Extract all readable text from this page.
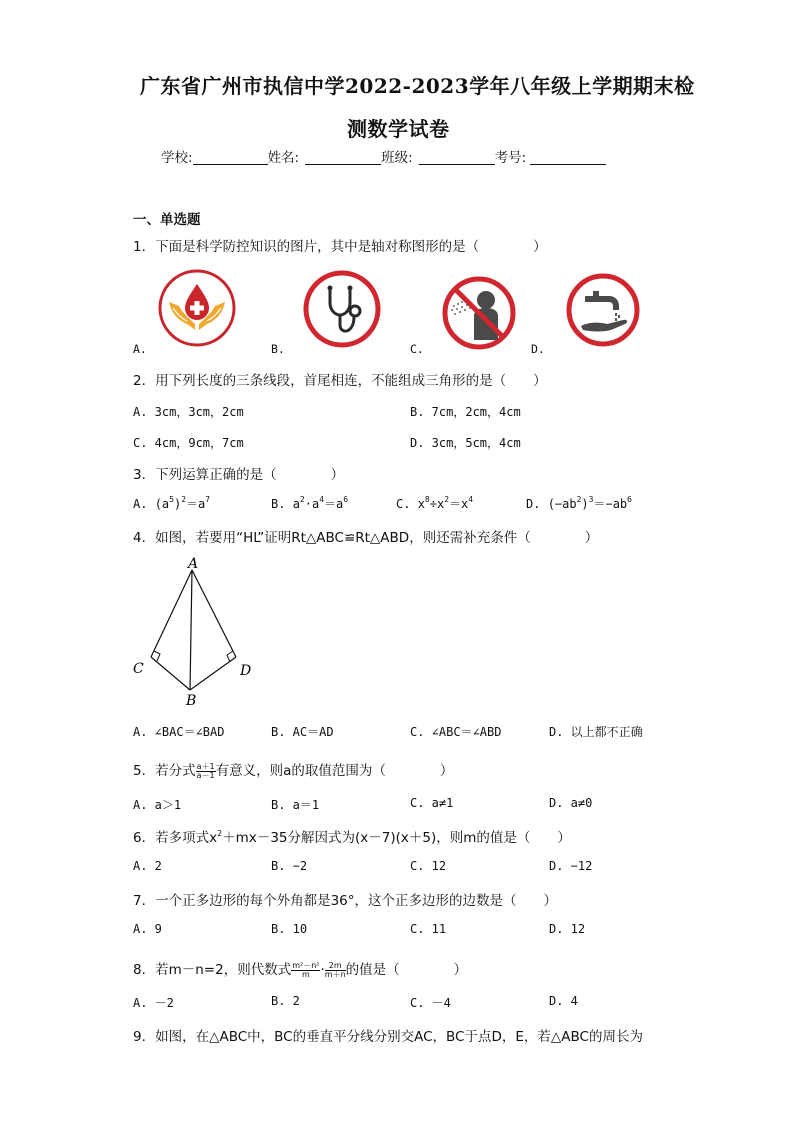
广东省广州市执信中学2022-2023学年八年级上学期期末检
测数学试卷
学校:	姓名:	班级:	考号:
一、单选题
1．下面是科学防控知识的图片，其中是轴对称图形的是（　　　　）
A.	B.	C.	D.
2．用下列长度的三条线段，首尾相连，不能组成三角形的是（　　）
A. 3cm，3cm，2cm	B. 7cm，2cm，4cm
C. 4cm，9cm，7cm	D. 3cm，5cm，4cm
3．下列运算正确的是（　　　　）
A. $(a^5)^2=a^7$	B. $a^2\cdot a^4=a^6$	C. $x^8\div x^2=x^4$	D. $(-ab^2)^3=-ab^6$
4．如图，若要用“HL”证明Rt△ABC≌Rt△ABD，则还需补充条件（　　　　）
A
B
C	D
A. ∠BAC＝∠BAD	B. AC＝AD	C. ∠ABC＝∠ABD	D. 以上都不正确
5．若分式 $\frac{a+1}{a-1}$ 有意义，则a的取值范围为（　　　　）
A. a＞1	B. a＝1	C. a≠1	D. a≠0
6．若多项式$x^2+mx-35$分解因式为(x－7)(x＋5)，则m的值是（　　）
A. 2	B. −2	C. 12	D. −12
7．一个正多边形的每个外角都是36°，这个正多边形的边数是（　　）
A. 9	B. 10	C. 11	D. 12
8．若m－n=2，则代数式 $\frac{\text{m²－n²}}{m} \cdot \frac{2m}{m+n}$ 的值是（　　　　）
A. －2	B. 2	C. －4	D. 4
9．如图，在△ABC中，BC的垂直平分线分别交AC，BC于点D，E，若△ABC的周长为
